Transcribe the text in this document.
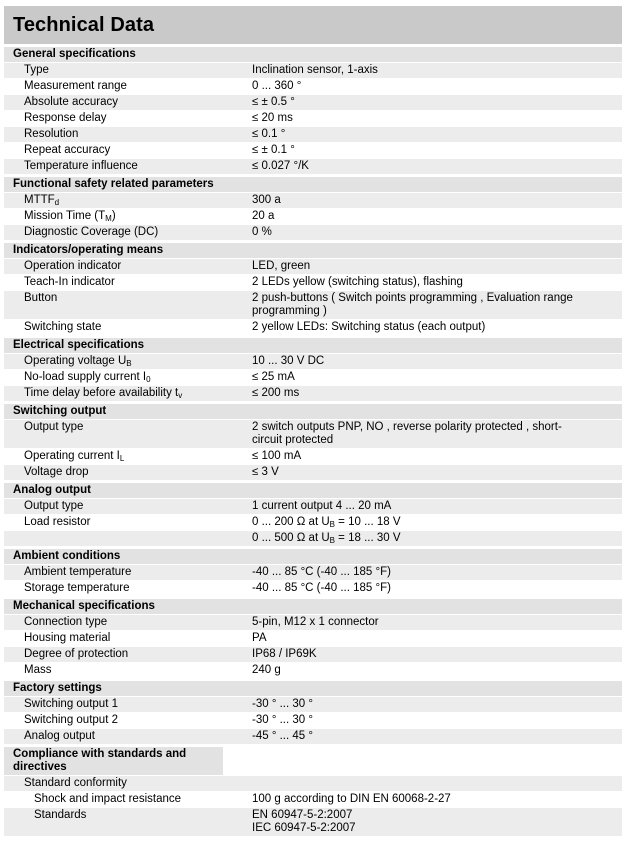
Technical Data
General specifications
Type	Inclination sensor, 1-axis
Measurement range	0 ... 360 °
Absolute accuracy	≤ ± 0.5 °
Response delay	≤ 20 ms
Resolution	≤ 0.1 °
Repeat accuracy	≤ ± 0.1 °
Temperature influence	≤ 0.027 °/K
Functional safety related parameters
$MTTF_d$	300 a
Mission Time $(T_M)$	20 a
Diagnostic Coverage (DC)	0 %
Indicators/operating means
Operation indicator	LED, green
Teach-In indicator	2 LEDs yellow (switching status), flashing
Button	2 push-buttons ( Switch points programming , Evaluation range programming )
Switching state	2 yellow LEDs: Switching status (each output)
Electrical specifications
Operating voltage $U_B$	10 ... 30 V DC
No-load supply current $I_0$	≤ 25 mA
Time delay before availability $t_v$	≤ 200 ms
Switching output
Output type	2 switch outputs PNP, NO , reverse polarity protected , short-circuit protected
Operating current $I_L$	≤ 100 mA
Voltage drop	≤ 3 V
Analog output
Output type	1 current output 4 ... 20 mA
Load resistor	0 ... 200 Ω at $U_B = 10$ ... 18 V
0 ... 500 Ω at $U_B = 18$ ... 30 V
Ambient conditions
Ambient temperature	-40 ... 85 °C (-40 ... 185 °F)
Storage temperature	-40 ... 85 °C (-40 ... 185 °F)
Mechanical specifications
Connection type	5-pin, M12 x 1 connector
Housing material	PA
Degree of protection	IP68 / IP69K
Mass	240 g
Factory settings
Switching output 1	-30 ° ... 30 °
Switching output 2	-30 ° ... 30 °
Analog output	-45 ° ... 45 °
Compliance with standards and directives
Standard conformity
Shock and impact resistance	100 g according to DIN EN 60068-2-27
Standards	EN 60947-5-2:2007
IEC 60947-5-2:2007
